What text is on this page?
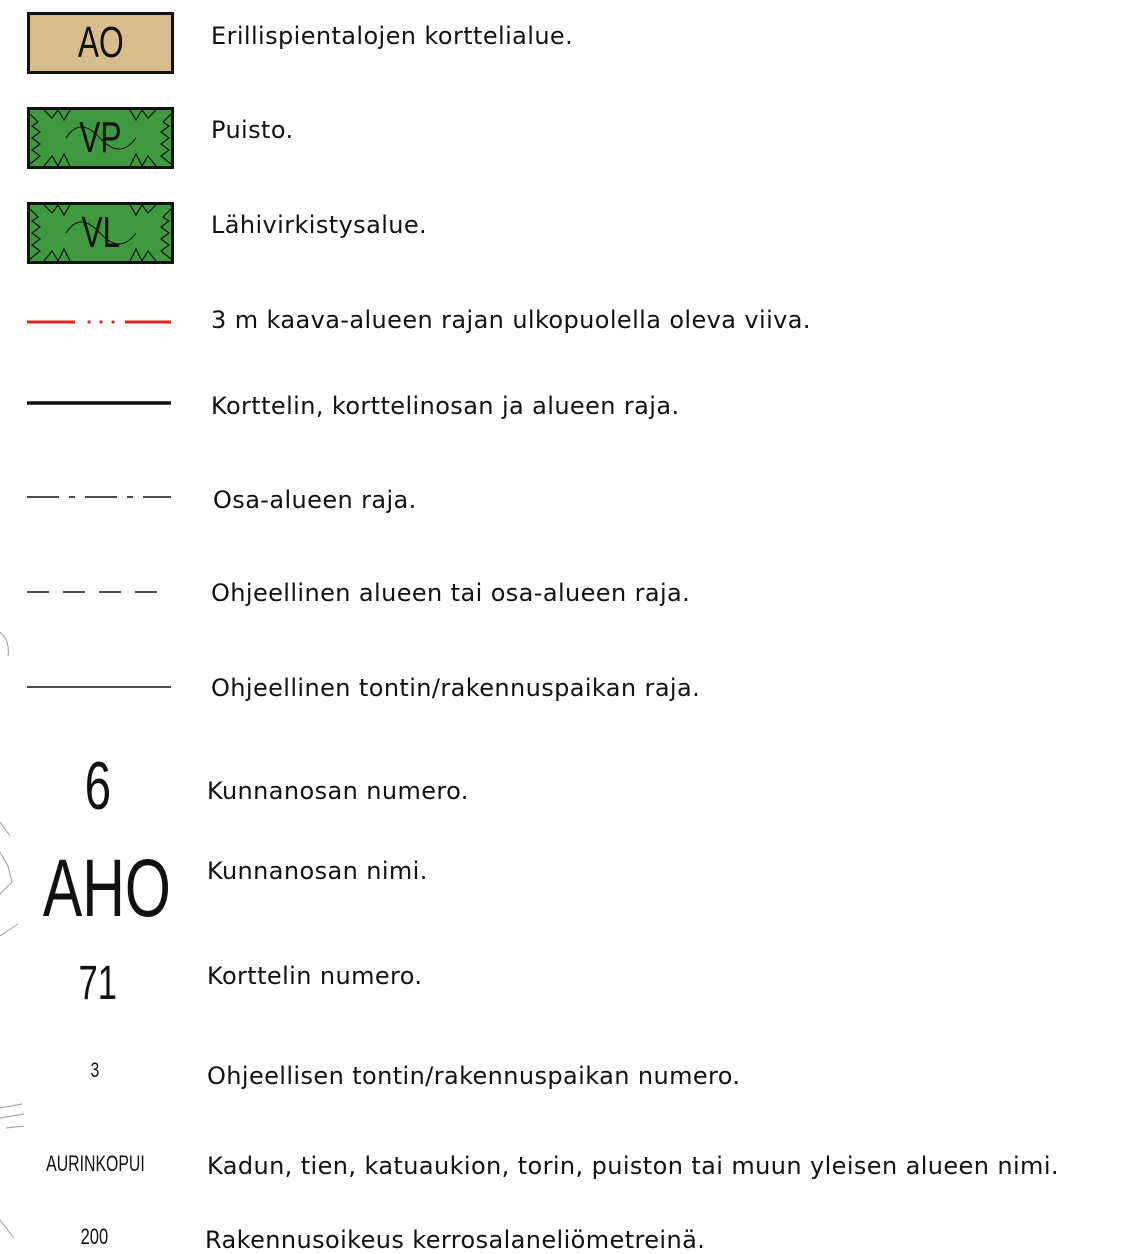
AO	Erillispientalojen korttelialue.
VP	Puisto.
VL	Lähivirkistysalue.
3 m kaava-alueen rajan ulkopuolella oleva viiva.
Korttelin, korttelinosan ja alueen raja.
Osa-alueen raja.
Ohjeellinen alueen tai osa-alueen raja.
Ohjeellinen tontin/rakennuspaikan raja.
6	Kunnanosan numero.
AHO Kunnanosan nimi.
71	Korttelin numero.
3	Ohjeellisen tontin/rakennuspaikan numero.
AURINKOPUI	Kadun, tien, katuaukion, torin, puiston tai muun yleisen alueen nimi.
200	Rakennusoikeus kerrosalaneliömetreinä.
